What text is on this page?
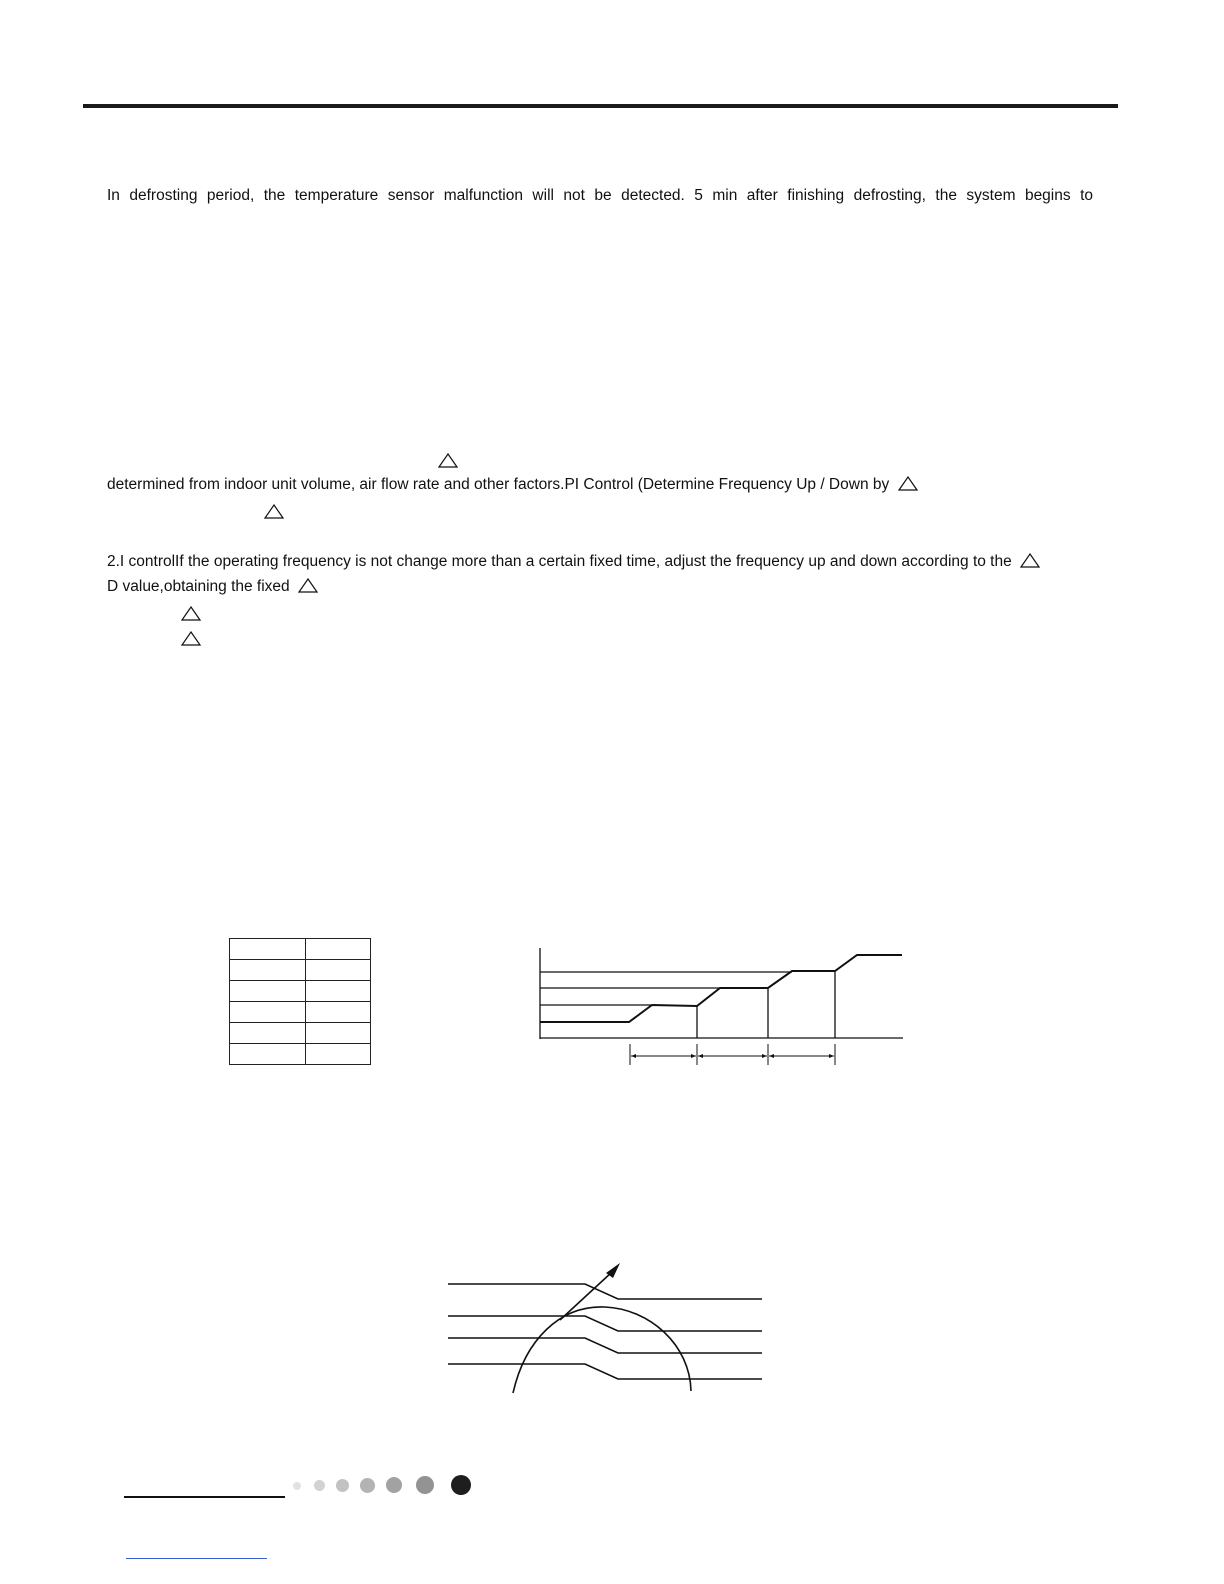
In defrosting period, the temperature sensor malfunction will not be detected. 5 min after finishing defrosting, the system begins to
determined from indoor unit volume, air flow rate and other factors.PI Control (Determine Frequency Up / Down by
2.I controlIf the operating frequency is not change more than a certain fixed time, adjust the frequency up and down according to the
D value,obtaining the fixed
